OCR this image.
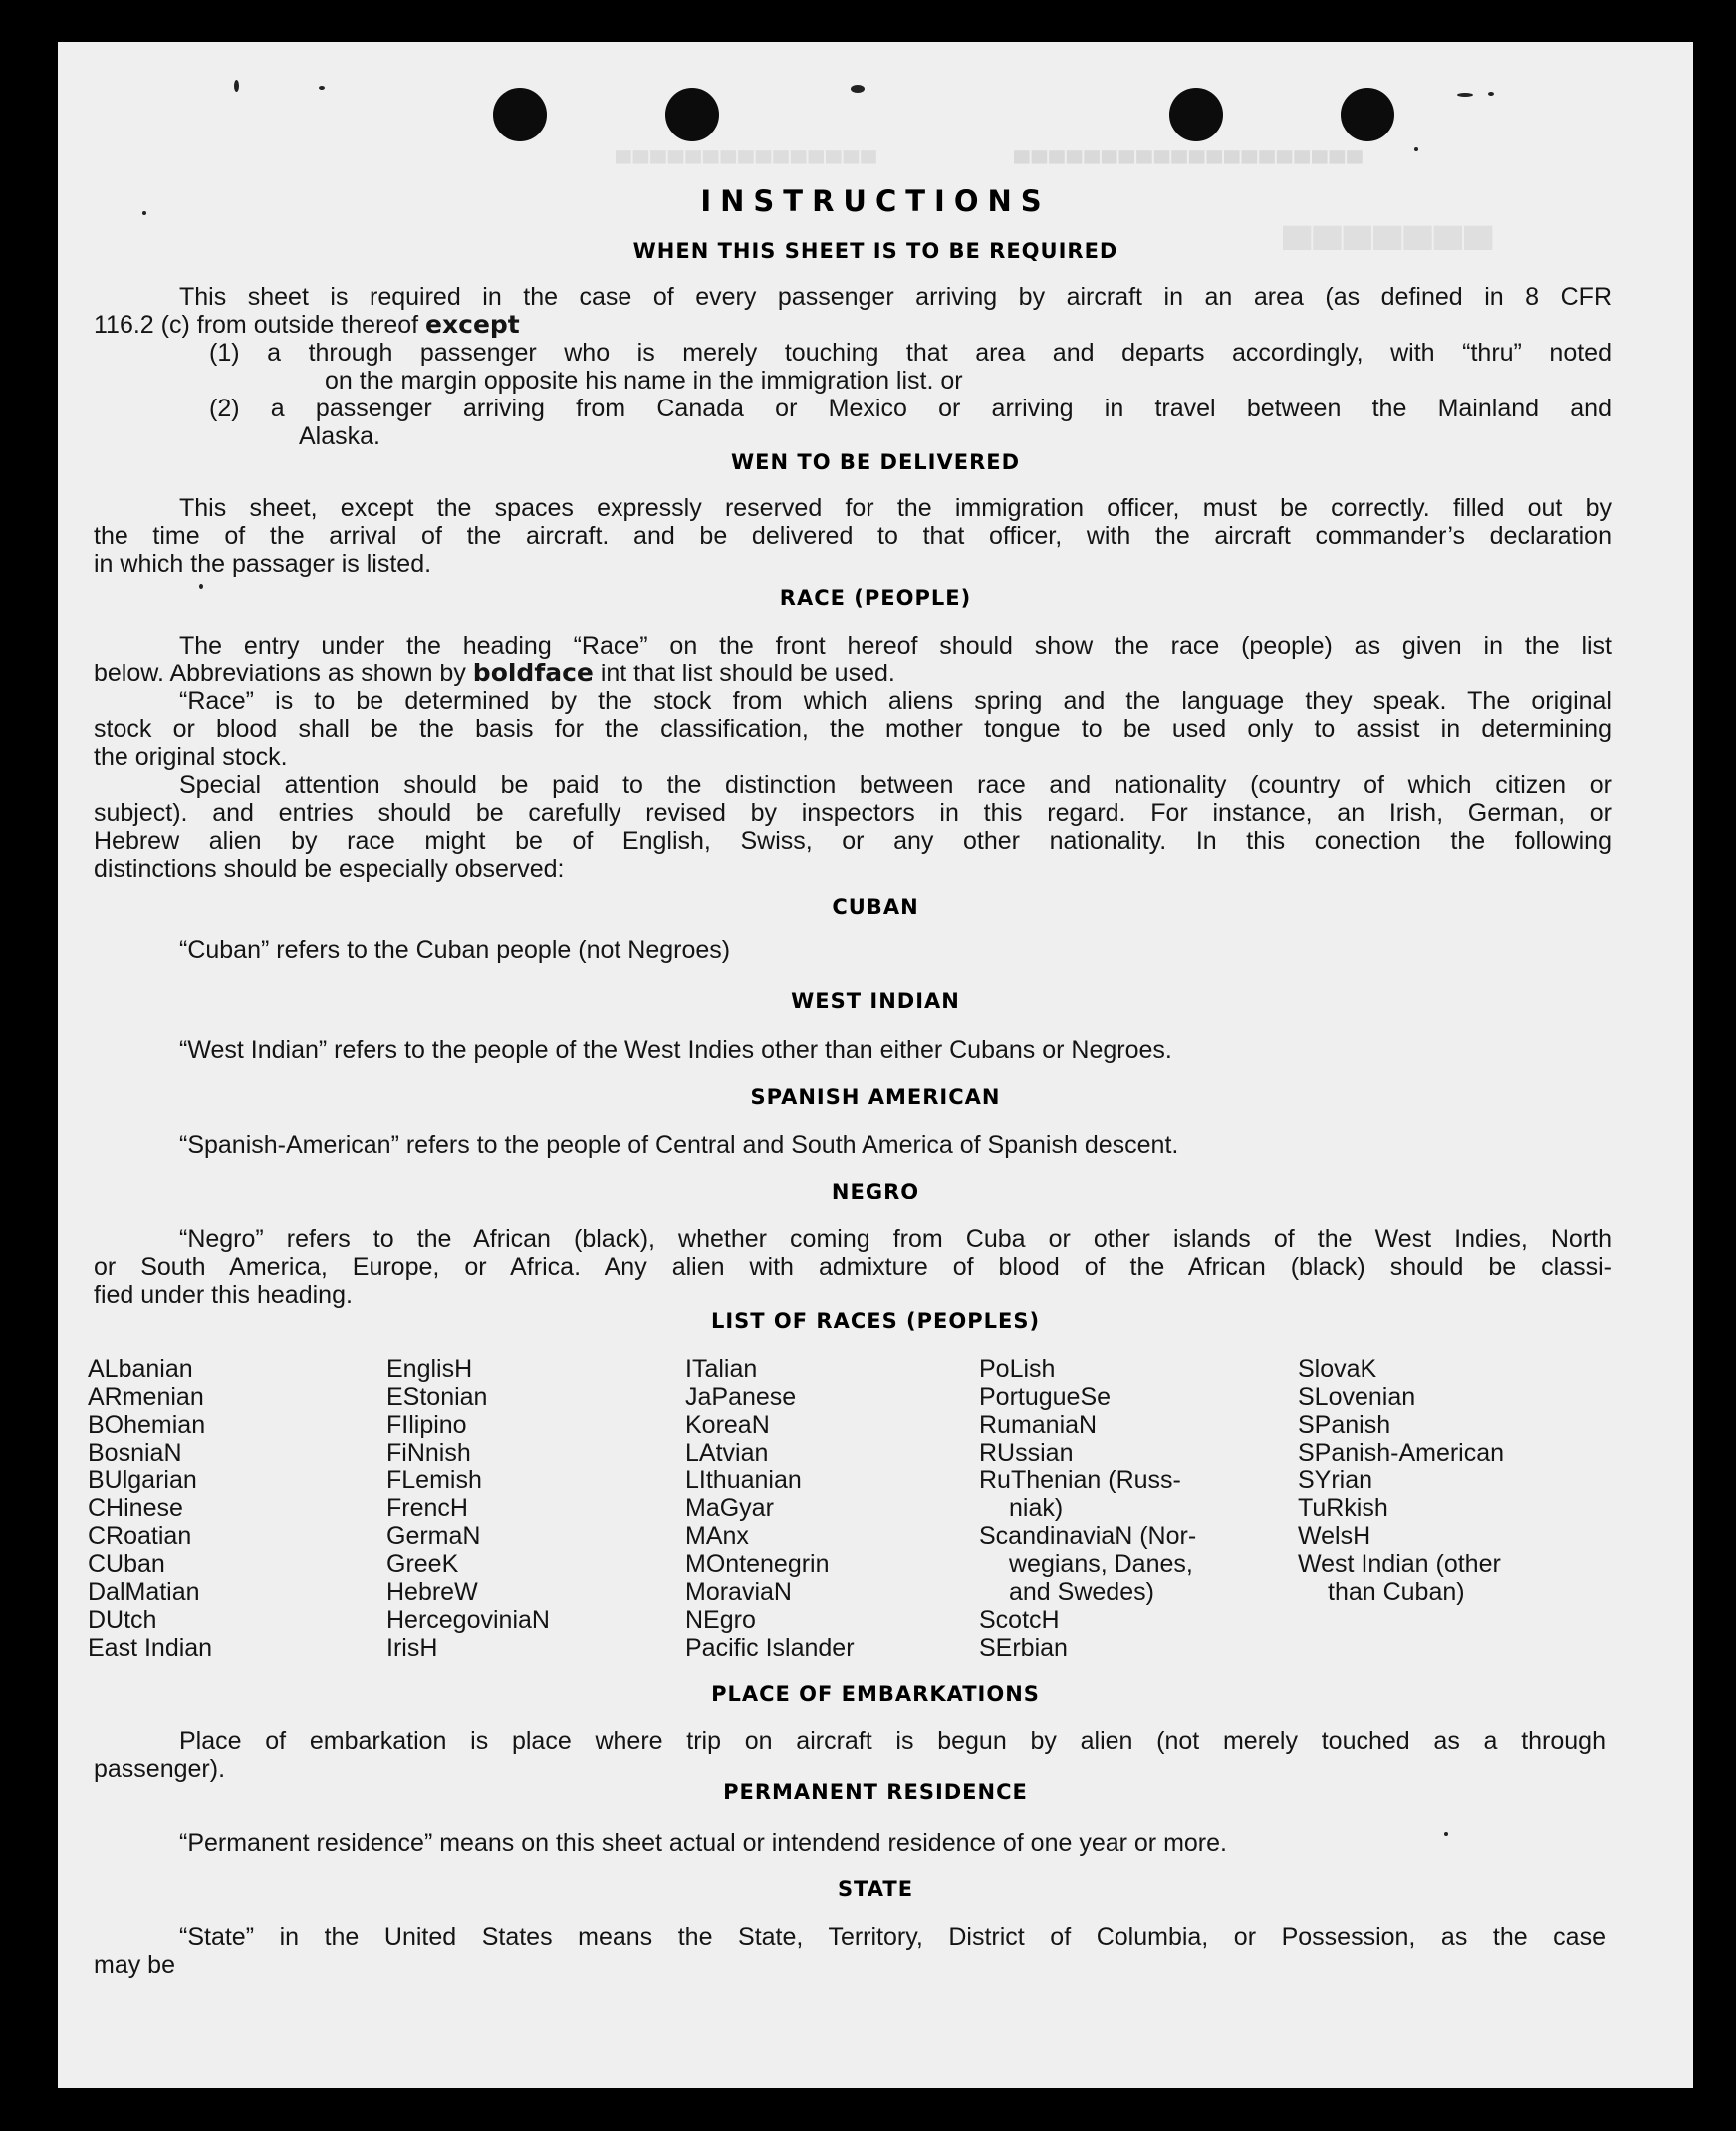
▄▄▄▄▄▄▄▄▄▄▄▄▄▄▄▄▄▄▄▄
▄▄▄▄▄▄▄▄▄▄▄▄▄▄▄
▄▄▄▄▄▄▄
INSTRUCTIONS
WHEN THIS SHEET IS TO BE REQUIRED
This sheet is required in the case of every passenger arriving by aircraft in an area (as defined in 8 CFR
116.2 (c) from outside thereof except
(1) a through passenger who is merely touching that area and departs accordingly, with “thru” noted
on the margin opposite his name in the immigration list. or
(2) a passenger arriving from Canada or Mexico or arriving in travel between the Mainland and
Alaska.
WEN TO BE DELIVERED
This sheet, except the spaces expressly reserved for the immigration officer, must be correctly. filled out by
the time of the arrival of the aircraft. and be delivered to that officer, with the aircraft commander’s declaration
in which the passager is listed.
RACE (PEOPLE)
The entry under the heading “Race” on the front hereof should show the race (people) as given in the list
below. Abbreviations as shown by boldface int that list should be used.
“Race” is to be determined by the stock from which aliens spring and the language they speak. The original
stock or blood shall be the basis for the classification, the mother tongue to be used only to assist in determining
the original stock.
Special attention should be paid to the distinction between race and nationality (country of which citizen or
subject). and entries should be carefully revised by inspectors in this regard. For instance, an Irish, German, or
Hebrew alien by race might be of English, Swiss, or any other nationality. In this conection the following
distinctions should be especially observed:
CUBAN
“Cuban” refers to the Cuban people (not Negroes)
WEST INDIAN
“West Indian” refers to the people of the West Indies other than either Cubans or Negroes.
SPANISH AMERICAN
“Spanish-American” refers to the people of Central and South America of Spanish descent.
NEGRO
“Negro” refers to the African (black), whether coming from Cuba or other islands of the West Indies, North
or South America, Europe, or Africa. Any alien with admixture of blood of the African (black) should be classi-
fied under this heading.
LIST OF RACES (PEOPLES)
ALbanian
ARmenian
BOhemian
BosniaN
BUlgarian
CHinese
CRoatian
CUban
DalMatian
DUtch
East Indian
EnglisH
EStonian
FIlipino
FiNnish
FLemish
FrencH
GermaN
GreeK
HebreW
HercegoviniaN
IrisH
ITalian
JaPanese
KoreaN
LAtvian
LIthuanian
MaGyar
MAnx
MOntenegrin
MoraviaN
NEgro
Pacific Islander
PoLish
PortugueSe
RumaniaN
RUssian
RuThenian (Russ-
niak)
ScandinaviaN (Nor-
wegians, Danes,
and Swedes)
ScotcH
SErbian
SlovaK
SLovenian
SPanish
SPanish-American
SYrian
TuRkish
WelsH
West Indian (other
than Cuban)
PLACE OF EMBARKATIONS
Place of embarkation is place where trip on aircraft is begun by alien (not merely touched as a through
passenger).
PERMANENT RESIDENCE
“Permanent residence” means on this sheet actual or intendend residence of one year or more.
STATE
“State” in the United States means the State, Territory, District of Columbia, or Possession, as the case
may be
